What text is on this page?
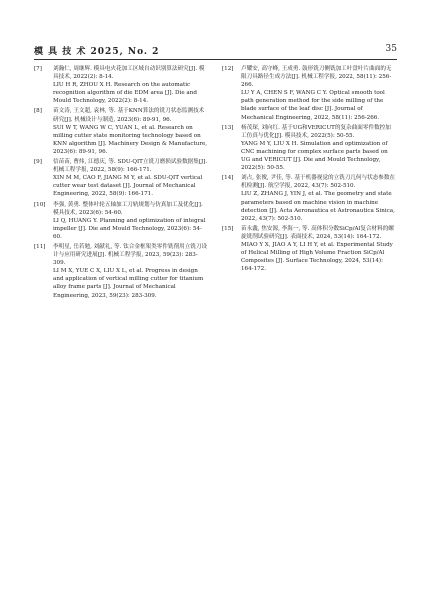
模 具 技 术 2025, No. 2	35
[7] 刘瀚仁, 周继辉. 模具电火花加工区域自动识别算法研究[J]. 模具技术, 2022(2): 8-14.
LIU H R, ZHOU X H. Research on the automatic recognition algorithm of die EDM area [J]. Die and Mould Technology, 2022(2): 8-14.
[8] 苗文涛, 王文超, 袁林, 等. 基于KNN算法的铣刀状态监测技术研究[J]. 机械设计与制造, 2023(6): 89-91, 96.
SUI W T, WANG W C, YUAN L, et al. Research on milling cutter state monitoring technology based on KNN algorithm [J]. Machinery Design & Manufacture, 2023(6): 89-91, 96.
[9] 信苗苗, 曹炜, 江德庆, 等. SDU-QIT立铣刀磨损试验数据集[J]. 机械工程学报, 2022, 58(9): 166-171.
XIN M M, CAO F, JIANG M Y, et al. SDU-QIT vertical cutter wear test dataset [J]. Journal of Mechanical Engineering, 2022, 58(9): 166-171.
[10] 李强, 黄勇. 整体叶轮五轴加工刀轨规划与仿真加工及优化[J]. 模具技术, 2023(6): 54-60.
LI Q, HUANG Y. Planning and optimization of integral impeller [J]. Die and Mould Technology, 2023(6): 54-60.
[11] 李明星, 岳若勉, 刘献礼, 等. 钛合金框架类零件铣削用立铣刀设计与应用研究进展[J]. 机械工程学报, 2023, 59(23): 283-309.
LI M X, YUE C X, LIU X L, et al. Progress in design and application of vertical milling cutter for titanium alloy frame parts [J]. Journal of Mechanical Engineering, 2023, 59(23): 283-309.
[12] 卢耀安, 高守峰, 王成勇. 鼓形铣刀侧铣加工叶盘叶片曲面的无限刀具路径生成方法[J]. 机械工程学报, 2022, 58(11): 256-266.
LU Y A, CHEN S F, WANG C Y. Optical smooth tool path generation method for the side milling of the blade surface of the leaf disc [J]. Journal of Mechanical Engineering, 2022, 58(11): 256-266.
[13] 杨茂琛, 刘向红. 基于UG和VERICUT的复杂曲面零件数控加工仿真与优化[J]. 模具技术, 2022(5): 50-55.
YANG M Y, LIU X H. Simulation and optimization of CNC machining for complex surface parts based on UG and VERICUT [J]. Die and Mould Technology, 2022(5): 50-55.
[14] 刘占, 张俊, 尹佳, 等. 基于机器视觉的立铣刀几何与状态参数在机检测[J]. 航空学报, 2022, 43(7): 502-510.
LIU Z, ZHANG J, YIN J, et al. The geometry and state parameters based on machine vision in machine detection [J]. Acta Aeronautica et Astronautica Sinica, 2022, 43(7): 502-510.
[15] 苗永鑫, 焦安源, 李海一, 等. 高体积分数SiCp/Al复合材料的螺旋铣削试验研究[J]. 表面技术, 2024, 53(14): 164-172.
MIAO Y X, JIAO A Y, LI H Y, et al. Experimental Study of Helical Milling of High Volume Fraction SiCp/Al Composites [J]. Surface Technology, 2024, 53(14): 164-172.
